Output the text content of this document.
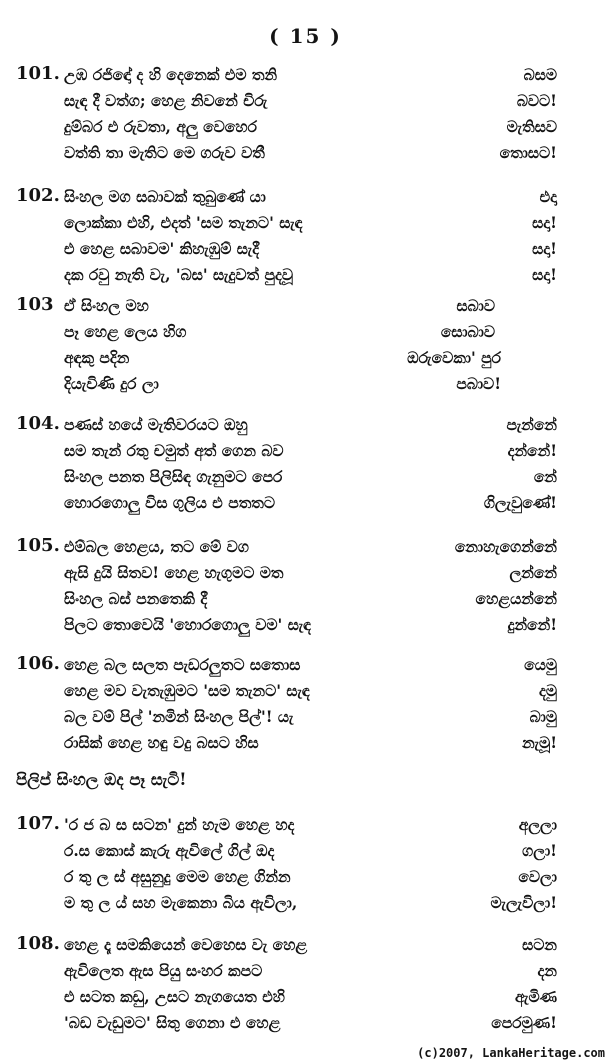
( 15 )
101. උඹ රජිඳෝ ද හි දෙනෙක් එම තනි	බසම
සැඳ දී වත්ග; හෙළ නිවනේ චිරු	බවට!
දුම්බර එ රුවතා, අලු වෙහෙර	මැතිසව
වත්ති තා මැතිට මෙ ගරුව වතී	තොසට!
102. සිංහල මග සබාවක් තුබුණේ යා	එදා
ලොක්කා එහි, එදත් 'සම තැනට' සැඳ	සදා!
එ හෙළ සබාවම' කිහැඹුම් සැදී	සදා!
දක රවු නැති වැ, 'බස' සැදුවත් පුදවූ	සදා!
103 ඒ සිංහල මහ	සබාව
පෑ හෙළ ලෙය හිග	සොබාව
අඳකු පදින	ඔරුවෙකා' පුර
දියැවිණි දුර ලා	පබාව!
104. පණස් හයේ මැතිවරයට ඔහු	පැන්නේ
සම තැන් රතු චමුත් අත් ගෙන බව	දන්නේ!
සිංහල පනත පිලිසිඳ ගැනුමට පෙර	නේ
හොරගොලු විස ගුලිය එ පතතට	ගිලැවුණේ!
105. එම්බල හෙළය, තට මේ වග	නොහැගෙන්නේ
ඇසි දුයි සිතව! හෙළ හැගුමට මත	ලන්නේ
සිංහල බස් පනතෙකි දී	හෙළයන්නේ
පිලට තොවෙයි 'හොරගොලු වම' සැඳ	දුන්නේ!
106. හෙළ බල සලත පැඩරලුතට සතොස	යෙමු
හෙළ මව වැතැඹුමට 'සම තැනට' සැඳ	දමු
බල වම් පිල් 'නමින් සිංහල පිල්'! යැ	බාමු
රාසික් හෙළ හඳු වදු බසට හිස	නැමූ!
පිලිප් සිංහල ඔද පෑ සැටි!
107. 'ර ජ බ ස සටන' දුන් හැම හෙළ හද	අලලා
ර.ස කොස් කැරු ඇවිලේ ගිල් ඔද	ගලා!
ර තු ල ස් අසුනුදු මෙම හෙළ ගින්න	වෙලා
ම තු ල ය් සහ මැකෙනා බිය ඇවිලා,	මැලැවිලා!
108. හෙළ දෑ සමකියෙන් වෙහෙස වැ හෙළ	සටන
ඇවිලෙත ඇස පියු සංහර කපට	දන
එ සටත කඩු, උසට නැගයෙත එහි	ඇමිණ
'බඩ වැඩුමට' සිතු ගෙනා එ හෙළ	පෙරමුණ!
(c)2007, LankaHeritage.com
